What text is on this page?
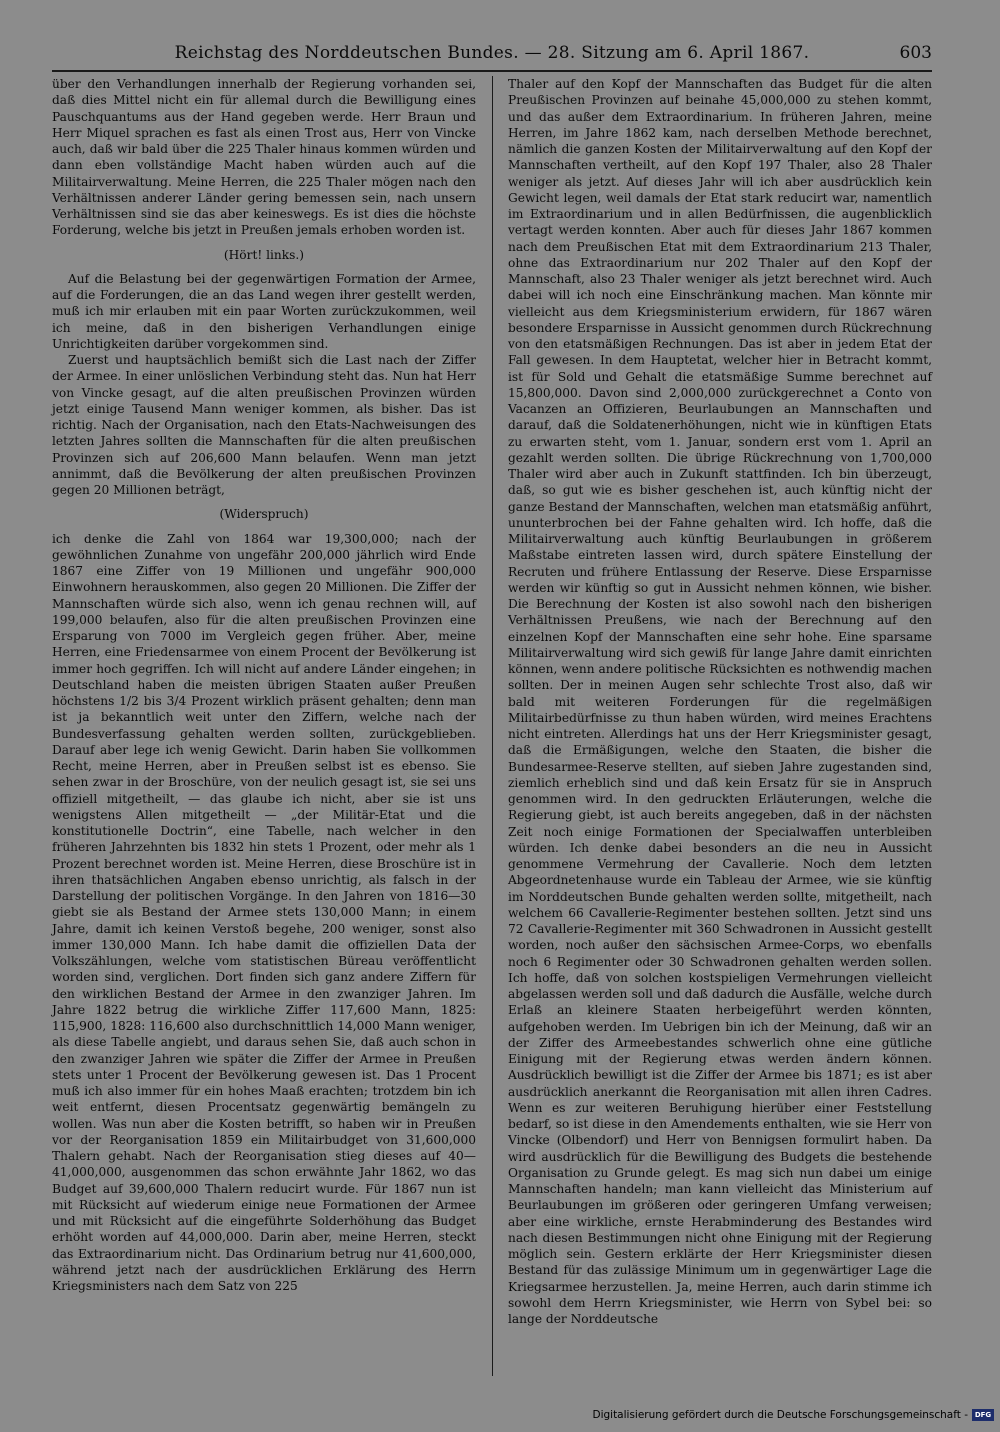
Reichstag des Norddeutschen Bundes. — 28. Sitzung am 6. April 1867.	603

über den Verhandlungen innerhalb der Regierung vorhanden sei, daß dies Mittel nicht ein für allemal durch die Bewilligung eines Pauschquantums aus der Hand gegeben werde. Herr Braun und Herr Miquel sprachen es fast als einen Trost aus, Herr von Vincke auch, daß wir bald über die 225 Thaler hinaus kommen würden und dann eben vollständige Macht haben würden auch auf die Militairverwaltung. Meine Herren, die 225 Thaler mögen nach den Verhältnissen anderer Länder gering bemessen sein, nach unsern Verhältnissen sind sie das aber keineswegs. Es ist dies die höchste Forderung, welche bis jetzt in Preußen jemals erhoben worden ist.

(Hört! links.)

Auf die Belastung bei der gegenwärtigen Formation der Armee, auf die Forderungen, die an das Land wegen ihrer gestellt werden, muß ich mir erlauben mit ein paar Worten zurückzukommen, weil ich meine, daß in den bisherigen Verhandlungen einige Unrichtigkeiten darüber vorgekommen sind.

Zuerst und hauptsächlich bemißt sich die Last nach der Ziffer der Armee. In einer unlöslichen Verbindung steht das. Nun hat Herr von Vincke gesagt, auf die alten preußischen Provinzen würden jetzt einige Tausend Mann weniger kommen, als bisher. Das ist richtig. Nach der Organisation, nach den Etats-Nachweisungen des letzten Jahres sollten die Mannschaften für die alten preußischen Provinzen sich auf 206,600 Mann belaufen. Wenn man jetzt annimmt, daß die Bevölkerung der alten preußischen Provinzen gegen 20 Millionen beträgt,

(Widerspruch)

ich denke die Zahl von 1864 war 19,300,000; nach der gewöhnlichen Zunahme von ungefähr 200,000 jährlich wird Ende 1867 eine Ziffer von 19 Millionen und ungefähr 900,000 Einwohnern herauskommen, also gegen 20 Millionen. Die Ziffer der Mannschaften würde sich also, wenn ich genau rechnen will, auf 199,000 belaufen, also für die alten preußischen Provinzen eine Ersparung von 7000 im Vergleich gegen früher. Aber, meine Herren, eine Friedensarmee von einem Procent der Bevölkerung ist immer hoch gegriffen. Ich will nicht auf andere Länder eingehen; in Deutschland haben die meisten übrigen Staaten außer Preußen höchstens 1/2 bis 3/4 Prozent wirklich präsent gehalten; denn man ist ja bekanntlich weit unter den Ziffern, welche nach der Bundesverfassung gehalten werden sollten, zurückgeblieben. Darauf aber lege ich wenig Gewicht. Darin haben Sie vollkommen Recht, meine Herren, aber in Preußen selbst ist es ebenso. Sie sehen zwar in der Broschüre, von der neulich gesagt ist, sie sei uns offiziell mitgetheilt, — das glaube ich nicht, aber sie ist uns wenigstens Allen mitgetheilt — „der Militär-Etat und die konstitutionelle Doctrin“, eine Tabelle, nach welcher in den früheren Jahrzehnten bis 1832 hin stets 1 Prozent, oder mehr als 1 Prozent berechnet worden ist. Meine Herren, diese Broschüre ist in ihren thatsächlichen Angaben ebenso unrichtig, als falsch in der Darstellung der politischen Vorgänge. In den Jahren von 1816—30 giebt sie als Bestand der Armee stets 130,000 Mann; in einem Jahre, damit ich keinen Verstoß begehe, 200 weniger, sonst also immer 130,000 Mann. Ich habe damit die offiziellen Data der Volkszählungen, welche vom statistischen Büreau veröffentlicht worden sind, verglichen. Dort finden sich ganz andere Ziffern für den wirklichen Bestand der Armee in den zwanziger Jahren. Im Jahre 1822 betrug die wirkliche Ziffer 117,600 Mann, 1825: 115,900, 1828: 116,600 also durchschnittlich 14,000 Mann weniger, als diese Tabelle angiebt, und daraus sehen Sie, daß auch schon in den zwanziger Jahren wie später die Ziffer der Armee in Preußen stets unter 1 Procent der Bevölkerung gewesen ist. Das 1 Procent muß ich also immer für ein hohes Maaß erachten; trotzdem bin ich weit entfernt, diesen Procentsatz gegenwärtig bemängeln zu wollen. Was nun aber die Kosten betrifft, so haben wir in Preußen vor der Reorganisation 1859 ein Militairbudget von 31,600,000 Thalern gehabt. Nach der Reorganisation stieg dieses auf 40—41,000,000, ausgenommen das schon erwähnte Jahr 1862, wo das Budget auf 39,600,000 Thalern reducirt wurde. Für 1867 nun ist mit Rücksicht auf wiederum einige neue Formationen der Armee und mit Rücksicht auf die eingeführte Solderhöhung das Budget erhöht worden auf 44,000,000. Darin aber, meine Herren, steckt das Extraordinarium nicht. Das Ordinarium betrug nur 41,600,000, während jetzt nach der ausdrücklichen Erklärung des Herrn Kriegsministers nach dem Satz von 225

Thaler auf den Kopf der Mannschaften das Budget für die alten Preußischen Provinzen auf beinahe 45,000,000 zu stehen kommt, und das außer dem Extraordinarium. In früheren Jahren, meine Herren, im Jahre 1862 kam, nach derselben Methode berechnet, nämlich die ganzen Kosten der Militairverwaltung auf den Kopf der Mannschaften vertheilt, auf den Kopf 197 Thaler, also 28 Thaler weniger als jetzt. Auf dieses Jahr will ich aber ausdrücklich kein Gewicht legen, weil damals der Etat stark reducirt war, namentlich im Extraordinarium und in allen Bedürfnissen, die augenblicklich vertagt werden konnten. Aber auch für dieses Jahr 1867 kommen nach dem Preußischen Etat mit dem Extraordinarium 213 Thaler, ohne das Extraordinarium nur 202 Thaler auf den Kopf der Mannschaft, also 23 Thaler weniger als jetzt berechnet wird. Auch dabei will ich noch eine Einschränkung machen. Man könnte mir vielleicht aus dem Kriegsministerium erwidern, für 1867 wären besondere Ersparnisse in Aussicht genommen durch Rückrechnung von den etatsmäßigen Rechnungen. Das ist aber in jedem Etat der Fall gewesen. In dem Hauptetat, welcher hier in Betracht kommt, ist für Sold und Gehalt die etatsmäßige Summe berechnet auf 15,800,000. Davon sind 2,000,000 zurückgerechnet a Conto von Vacanzen an Offizieren, Beurlaubungen an Mannschaften und darauf, daß die Soldatenerhöhungen, nicht wie in künftigen Etats zu erwarten steht, vom 1. Januar, sondern erst vom 1. April an gezahlt werden sollten. Die übrige Rückrechnung von 1,700,000 Thaler wird aber auch in Zukunft stattfinden. Ich bin überzeugt, daß, so gut wie es bisher geschehen ist, auch künftig nicht der ganze Bestand der Mannschaften, welchen man etatsmäßig anführt, ununterbrochen bei der Fahne gehalten wird. Ich hoffe, daß die Militairverwaltung auch künftig Beurlaubungen in größerem Maßstabe eintreten lassen wird, durch spätere Einstellung der Recruten und frühere Entlassung der Reserve. Diese Ersparnisse werden wir künftig so gut in Aussicht nehmen können, wie bisher. Die Berechnung der Kosten ist also sowohl nach den bisherigen Verhältnissen Preußens, wie nach der Berechnung auf den einzelnen Kopf der Mannschaften eine sehr hohe. Eine sparsame Militairverwaltung wird sich gewiß für lange Jahre damit einrichten können, wenn andere politische Rücksichten es nothwendig machen sollten. Der in meinen Augen sehr schlechte Trost also, daß wir bald mit weiteren Forderungen für die regelmäßigen Militairbedürfnisse zu thun haben würden, wird meines Erachtens nicht eintreten. Allerdings hat uns der Herr Kriegsminister gesagt, daß die Ermäßigungen, welche den Staaten, die bisher die Bundesarmee-Reserve stellten, auf sieben Jahre zugestanden sind, ziemlich erheblich sind und daß kein Ersatz für sie in Anspruch genommen wird. In den gedruckten Erläuterungen, welche die Regierung giebt, ist auch bereits angegeben, daß in der nächsten Zeit noch einige Formationen der Specialwaffen unterbleiben würden. Ich denke dabei besonders an die neu in Aussicht genommene Vermehrung der Cavallerie. Noch dem letzten Abgeordnetenhause wurde ein Tableau der Armee, wie sie künftig im Norddeutschen Bunde gehalten werden sollte, mitgetheilt, nach welchem 66 Cavallerie-Regimenter bestehen sollten. Jetzt sind uns 72 Cavallerie-Regimenter mit 360 Schwadronen in Aussicht gestellt worden, noch außer den sächsischen Armee-Corps, wo ebenfalls noch 6 Regimenter oder 30 Schwadronen gehalten werden sollen. Ich hoffe, daß von solchen kostspieligen Vermehrungen vielleicht abgelassen werden soll und daß dadurch die Ausfälle, welche durch Erlaß an kleinere Staaten herbeigeführt werden könnten, aufgehoben werden. Im Uebrigen bin ich der Meinung, daß wir an der Ziffer des Armeebestandes schwerlich ohne eine gütliche Einigung mit der Regierung etwas werden ändern können. Ausdrücklich bewilligt ist die Ziffer der Armee bis 1871; es ist aber ausdrücklich anerkannt die Reorganisation mit allen ihren Cadres. Wenn es zur weiteren Beruhigung hierüber einer Feststellung bedarf, so ist diese in den Amendements enthalten, wie sie Herr von Vincke (Olbendorf) und Herr von Bennigsen formulirt haben. Da wird ausdrücklich für die Bewilligung des Budgets die bestehende Organisation zu Grunde gelegt. Es mag sich nun dabei um einige Mannschaften handeln; man kann vielleicht das Ministerium auf Beurlaubungen im größeren oder geringeren Umfang verweisen; aber eine wirkliche, ernste Herabminderung des Bestandes wird nach diesen Bestimmungen nicht ohne Einigung mit der Regierung möglich sein. Gestern erklärte der Herr Kriegsminister diesen Bestand für das zulässige Minimum um in gegenwärtiger Lage die Kriegsarmee herzustellen. Ja, meine Herren, auch darin stimme ich sowohl dem Herrn Kriegsminister, wie Herrn von Sybel bei: so lange der Norddeutsche

Digitalisierung gefördert durch die Deutsche Forschungsgemeinschaft - DFG
